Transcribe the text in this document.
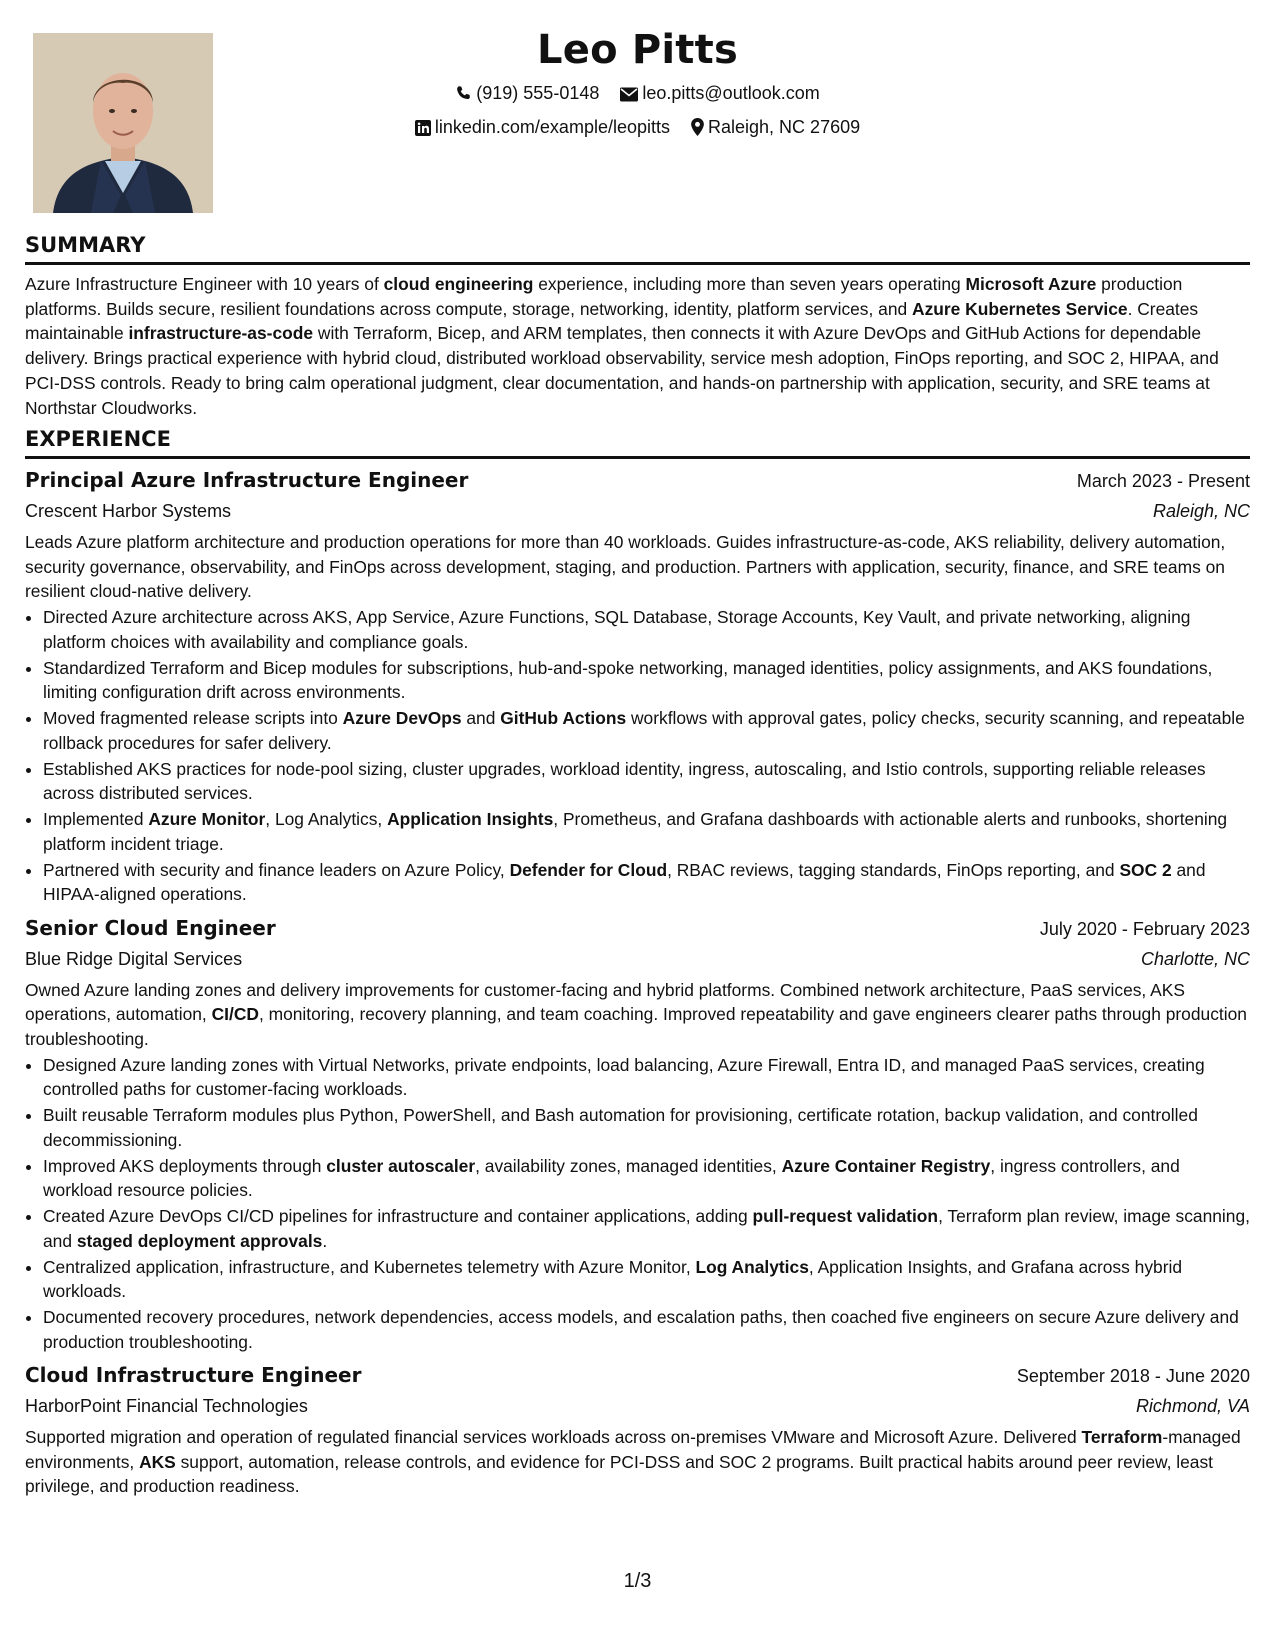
Leo Pitts
(919) 555-0148 leo.pitts@outlook.com
linkedin.com/example/leopitts Raleigh, NC 27609
SUMMARY
Azure Infrastructure Engineer with 10 years of cloud engineering experience, including more than seven years operating Microsoft Azure production platforms. Builds secure, resilient foundations across compute, storage, networking, identity, platform services, and Azure Kubernetes Service. Creates maintainable infrastructure-as-code with Terraform, Bicep, and ARM templates, then connects it with Azure DevOps and GitHub Actions for dependable delivery. Brings practical experience with hybrid cloud, distributed workload observability, service mesh adoption, FinOps reporting, and SOC 2, HIPAA, and PCI-DSS controls. Ready to bring calm operational judgment, clear documentation, and hands-on partnership with application, security, and SRE teams at Northstar Cloudworks.
EXPERIENCE
Principal Azure Infrastructure Engineer	March 2023 - Present
Crescent Harbor Systems	Raleigh, NC
Leads Azure platform architecture and production operations for more than 40 workloads. Guides infrastructure-as-code, AKS reliability, delivery automation, security governance, observability, and FinOps across development, staging, and production. Partners with application, security, finance, and SRE teams on resilient cloud-native delivery.
• Directed Azure architecture across AKS, App Service, Azure Functions, SQL Database, Storage Accounts, Key Vault, and private networking, aligning platform choices with availability and compliance goals.
• Standardized Terraform and Bicep modules for subscriptions, hub-and-spoke networking, managed identities, policy assignments, and AKS foundations, limiting configuration drift across environments.
• Moved fragmented release scripts into Azure DevOps and GitHub Actions workflows with approval gates, policy checks, security scanning, and repeatable rollback procedures for safer delivery.
• Established AKS practices for node-pool sizing, cluster upgrades, workload identity, ingress, autoscaling, and Istio controls, supporting reliable releases across distributed services.
• Implemented Azure Monitor, Log Analytics, Application Insights, Prometheus, and Grafana dashboards with actionable alerts and runbooks, shortening platform incident triage.
• Partnered with security and finance leaders on Azure Policy, Defender for Cloud, RBAC reviews, tagging standards, FinOps reporting, and SOC 2 and HIPAA-aligned operations.
Senior Cloud Engineer	July 2020 - February 2023
Blue Ridge Digital Services	Charlotte, NC
Owned Azure landing zones and delivery improvements for customer-facing and hybrid platforms. Combined network architecture, PaaS services, AKS operations, automation, CI/CD, monitoring, recovery planning, and team coaching. Improved repeatability and gave engineers clearer paths through production troubleshooting.
• Designed Azure landing zones with Virtual Networks, private endpoints, load balancing, Azure Firewall, Entra ID, and managed PaaS services, creating controlled paths for customer-facing workloads.
• Built reusable Terraform modules plus Python, PowerShell, and Bash automation for provisioning, certificate rotation, backup validation, and controlled decommissioning.
• Improved AKS deployments through cluster autoscaler, availability zones, managed identities, Azure Container Registry, ingress controllers, and workload resource policies.
• Created Azure DevOps CI/CD pipelines for infrastructure and container applications, adding pull-request validation, Terraform plan review, image scanning, and staged deployment approvals.
• Centralized application, infrastructure, and Kubernetes telemetry with Azure Monitor, Log Analytics, Application Insights, and Grafana across hybrid workloads.
• Documented recovery procedures, network dependencies, access models, and escalation paths, then coached five engineers on secure Azure delivery and production troubleshooting.
Cloud Infrastructure Engineer	September 2018 - June 2020
HarborPoint Financial Technologies	Richmond, VA
Supported migration and operation of regulated financial services workloads across on-premises VMware and Microsoft Azure. Delivered Terraform-managed environments, AKS support, automation, release controls, and evidence for PCI-DSS and SOC 2 programs. Built practical habits around peer review, least privilege, and production readiness.
1/3
